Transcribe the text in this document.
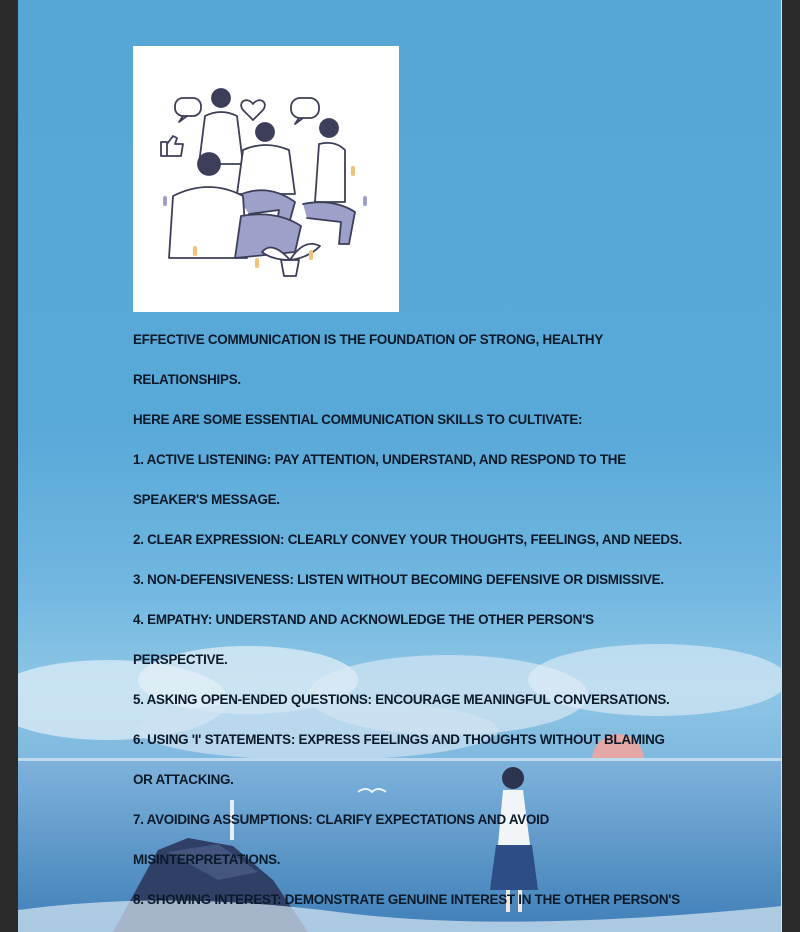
EFFECTIVE COMMUNICATION IS THE FOUNDATION OF STRONG, HEALTHY
RELATIONSHIPS.
HERE ARE SOME ESSENTIAL COMMUNICATION SKILLS TO CULTIVATE:
1. ACTIVE LISTENING: PAY ATTENTION, UNDERSTAND, AND RESPOND TO THE
SPEAKER'S MESSAGE.
2. CLEAR EXPRESSION: CLEARLY CONVEY YOUR THOUGHTS, FEELINGS, AND NEEDS.
3. NON-DEFENSIVENESS: LISTEN WITHOUT BECOMING DEFENSIVE OR DISMISSIVE.
4. EMPATHY: UNDERSTAND AND ACKNOWLEDGE THE OTHER PERSON'S
PERSPECTIVE.
5. ASKING OPEN-ENDED QUESTIONS: ENCOURAGE MEANINGFUL CONVERSATIONS.
6. USING 'I' STATEMENTS: EXPRESS FEELINGS AND THOUGHTS WITHOUT BLAMING
OR ATTACKING.
7. AVOIDING ASSUMPTIONS: CLARIFY EXPECTATIONS AND AVOID
MISINTERPRETATIONS.
8. SHOWING INTEREST: DEMONSTRATE GENUINE INTEREST IN THE OTHER PERSON'S
